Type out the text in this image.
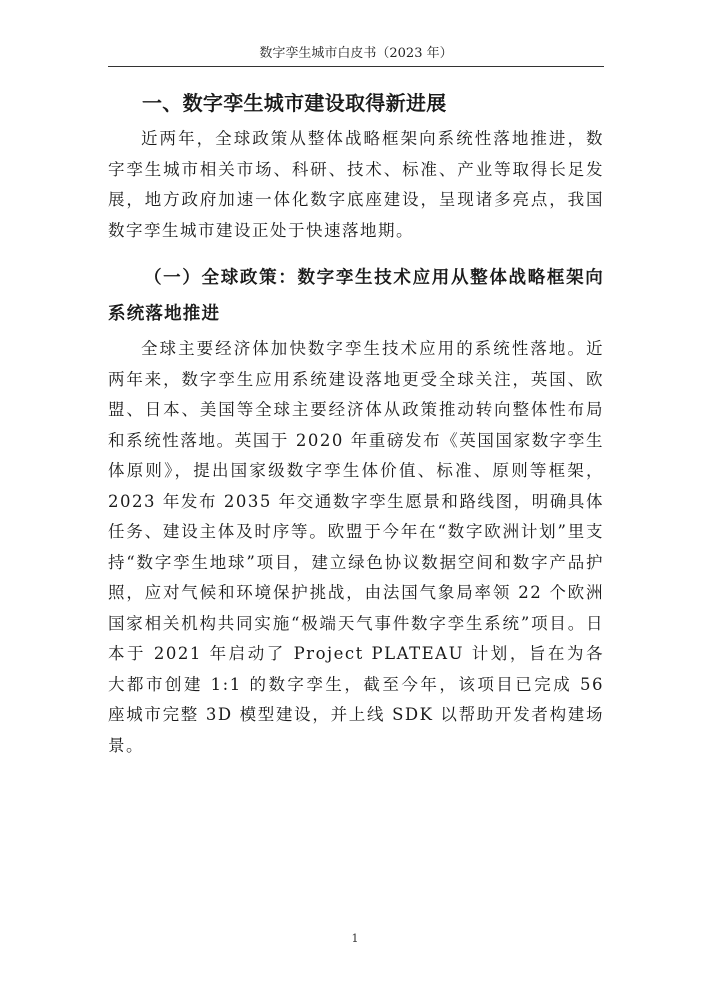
数字孪生城市白皮书（2023 年）
一、数字孪生城市建设取得新进展

近两年，全球政策从整体战略框架向系统性落地推进，数字孪生城市相关市场、科研、技术、标准、产业等取得长足发展，地方政府加速一体化数字底座建设，呈现诸多亮点，我国数字孪生城市建设正处于快速落地期。

（一）全球政策：数字孪生技术应用从整体战略框架向系统落地推进

全球主要经济体加快数字孪生技术应用的系统性落地。近两年来，数字孪生应用系统建设落地更受全球关注，英国、欧盟、日本、美国等全球主要经济体从政策推动转向整体性布局和系统性落地。英国于 2020 年重磅发布《英国国家数字孪生体原则》，提出国家级数字孪生体价值、标准、原则等框架，2023 年发布 2035 年交通数字孪生愿景和路线图，明确具体任务、建设主体及时序等。欧盟于今年在“数字欧洲计划”里支持“数字孪生地球”项目，建立绿色协议数据空间和数字产品护照，应对气候和环境保护挑战，由法国气象局率领 22 个欧洲国家相关机构共同实施“极端天气事件数字孪生系统”项目。日本于 2021 年启动了 Project PLATEAU 计划，旨在为各大都市创建 1:1 的数字孪生，截至今年，该项目已完成 56 座城市完整 3D 模型建设，并上线 SDK 以帮助开发者构建场景。

1
